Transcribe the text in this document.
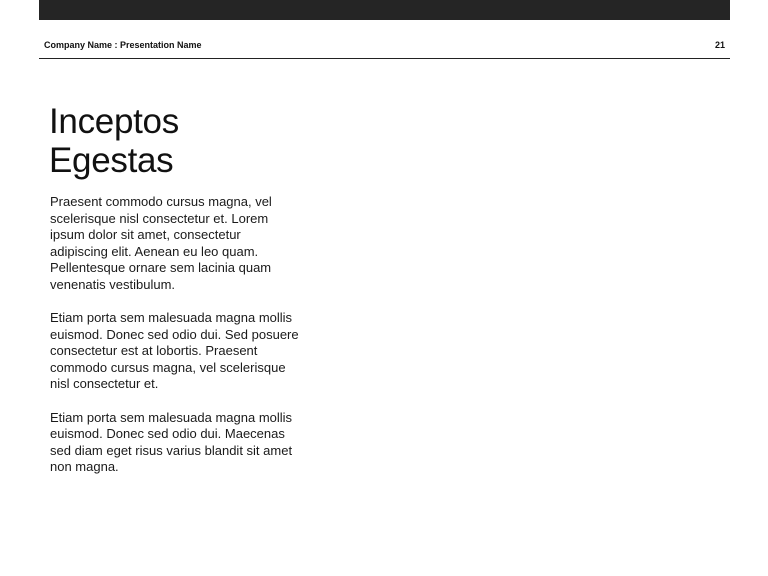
Company Name : Presentation Name	21
Inceptos
Egestas

Praesent commodo cursus magna, vel scelerisque nisl consectetur et. Lorem ipsum dolor sit amet, consectetur adipiscing elit. Aenean eu leo quam. Pellentesque ornare sem lacinia quam venenatis vestibulum.

Etiam porta sem malesuada magna mollis euismod. Donec sed odio dui. Sed posuere consectetur est at lobortis. Praesent commodo cursus magna, vel scelerisque nisl consectetur et.

Etiam porta sem malesuada magna mollis euismod. Donec sed odio dui. Maecenas sed diam eget risus varius blandit sit amet non magna.
